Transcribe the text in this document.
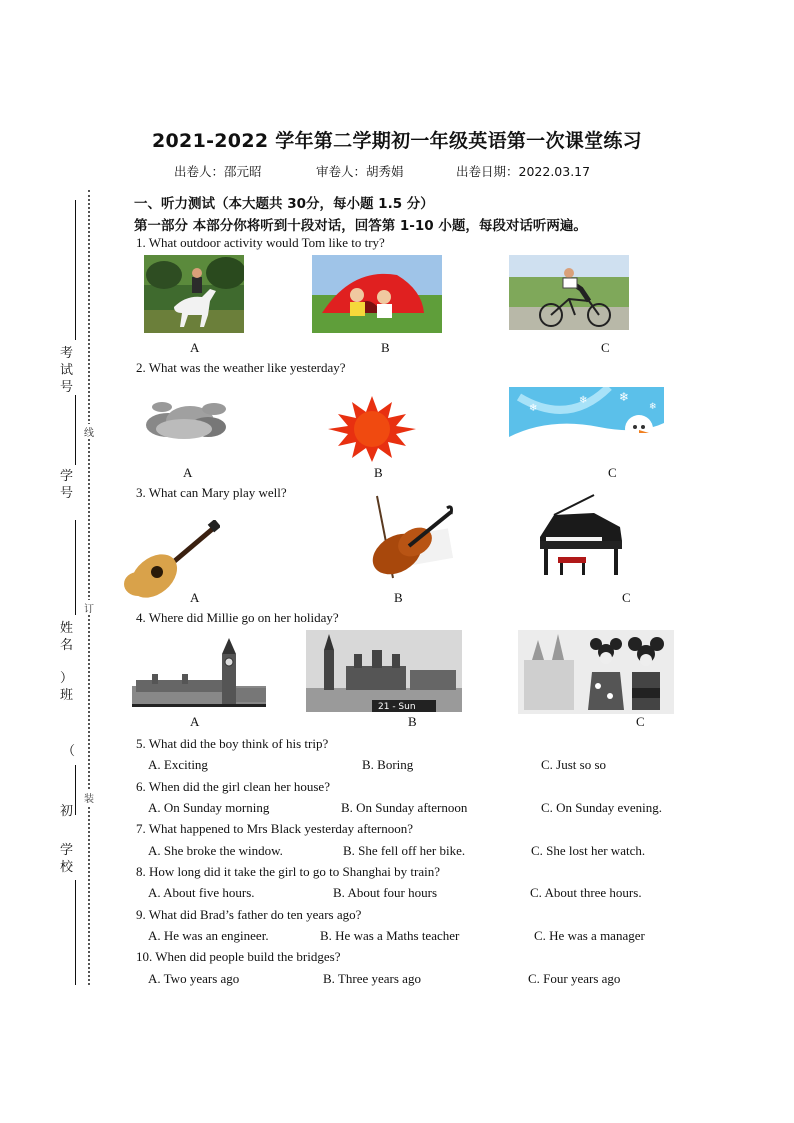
考试号
学号
姓名
）班
（
初
学校
线
订
装
2021-2022 学年第二学期初一年级英语第一次课堂练习
出卷人：邵元昭	审卷人：胡秀娟	出卷日期：2022.03.17
一、听力测试（本大题共 30分，每小题 1.5 分）
第一部分 本部分你将听到十段对话，回答第 1-10 小题，每段对话听两遍。
1. What outdoor activity would Tom like to try?
A	B	C
2. What was the weather like yesterday?
❄
❄	❄
❄
A	B	C
3. What can Mary play well?
A	B	C
4. Where did Millie go on her holiday?
21 - Sun
A	B	C
5. What did the boy think of his trip?
A. Exciting	B. Boring	C. Just so so
6. When did the girl clean her house?
A. On Sunday morning	B. On Sunday afternoon	C. On Sunday evening.
7. What happened to Mrs Black yesterday afternoon?
A. She broke the window.	B. She fell off her bike.	C. She lost her watch.
8. How long did it take the girl to go to Shanghai by train?
A. About five hours.	B. About four hours	C. About three hours.
9. What did Brad’s father do ten years ago?
A. He was an engineer.	B. He was a Maths teacher	C. He was a manager
10. When did people build the bridges?
A. Two years ago	B. Three years ago	C. Four years ago
